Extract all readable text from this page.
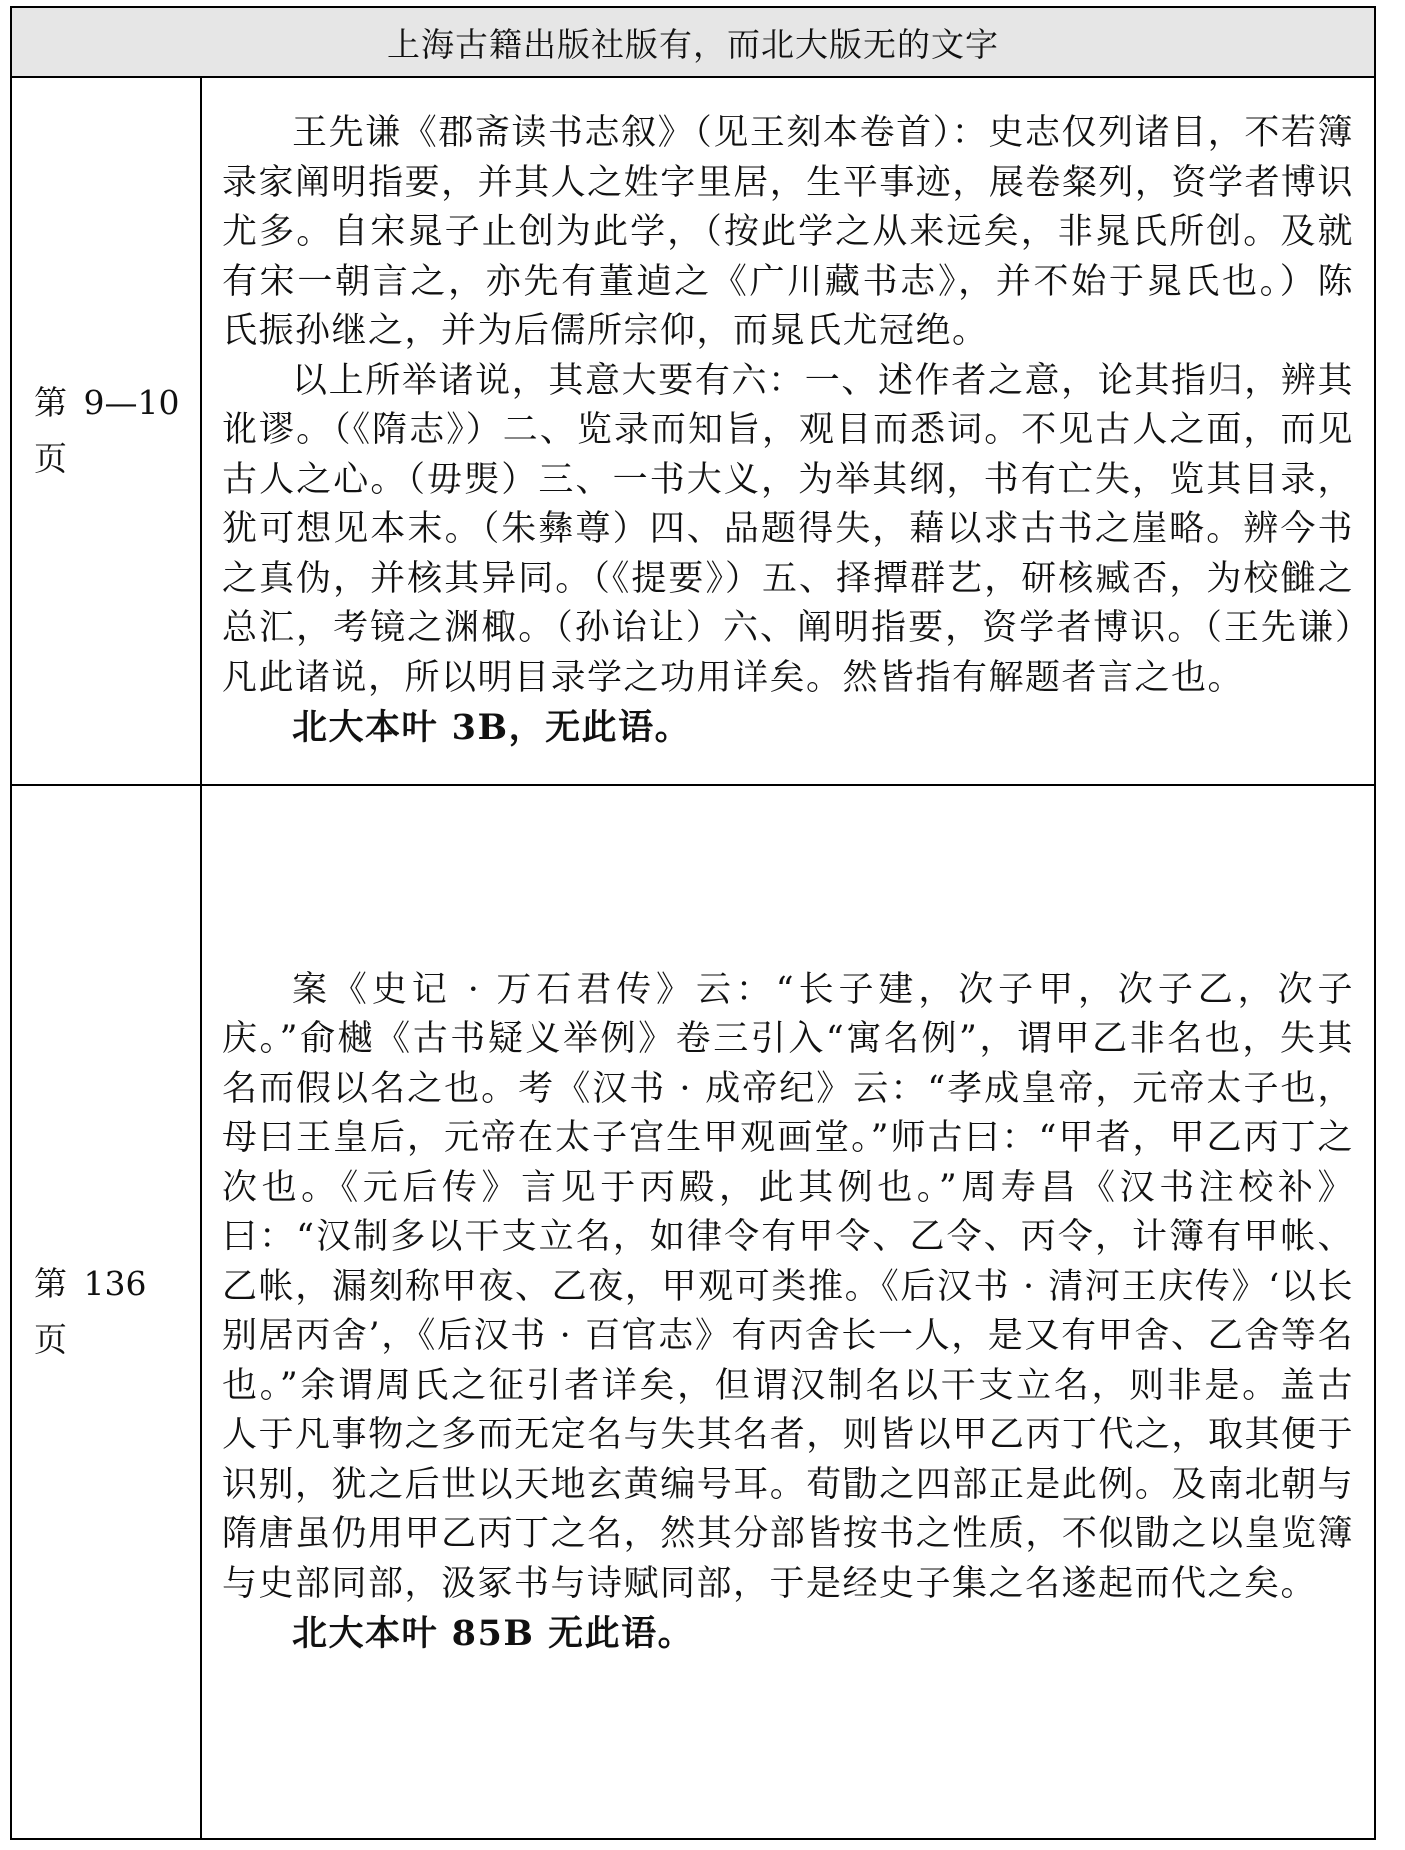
上海古籍出版社版有，而北大版无的文字	
第 9—10 页	王先谦《郡斋读书志叙》（见王刻本卷首）：史志仅列诸目，不若簿录家阐明指要，并其人之姓字里居，生平事迹，展卷粲列，资学者博识尤多。自宋晁子止创为此学，（按此学之从来远矣，非晁氏所创。及就有宋一朝言之，亦先有董逌之《广川藏书志》，并不始于晁氏也。）陈氏振孙继之，并为后儒所宗仰，而晁氏尤冠绝。

以上所举诸说，其意大要有六：一、述作者之意，论其指归，辨其讹谬。（《隋志》）二、览录而知旨，观目而悉词。不见古人之面，而见古人之心。（毋煚）三、一书大义，为举其纲，书有亡失，览其目录，犹可想见本末。（朱彝尊）四、品题得失，藉以求古书之崖略。辨今书之真伪，并核其异同。（《提要》）五、择撢群艺，研核臧否，为校雠之总汇，考镜之渊棷。（孙诒让）六、阐明指要，资学者博识。（王先谦）凡此诸说，所以明目录学之功用详矣。然皆指有解题者言之也。

北大本叶 3B，无此语。

第 136 页	案《史记 · 万石君传》云：“长子建，次子甲，次子乙，次子庆。”俞樾《古书疑义举例》卷三引入“寓名例”，谓甲乙非名也，失其名而假以名之也。考《汉书 · 成帝纪》云：“孝成皇帝，元帝太子也，母曰王皇后，元帝在太子宫生甲观画堂。”师古曰：“甲者，甲乙丙丁之次也。《元后传》言见于丙殿，此其例也。”周寿昌《汉书注校补》曰：“汉制多以干支立名，如律令有甲令、乙令、丙令，计簿有甲帐、乙帐，漏刻称甲夜、乙夜，甲观可类推。《后汉书 · 清河王庆传》‘以长别居丙舍’，《后汉书 · 百官志》有丙舍长一人，是又有甲舍、乙舍等名也。”余谓周氏之征引者详矣，但谓汉制名以干支立名，则非是。盖古人于凡事物之多而无定名与失其名者，则皆以甲乙丙丁代之，取其便于识别，犹之后世以天地玄黄编号耳。荀勖之四部正是此例。及南北朝与隋唐虽仍用甲乙丙丁之名，然其分部皆按书之性质，不似勖之以皇览簿与史部同部，汲冢书与诗赋同部，于是经史子集之名遂起而代之矣。

北大本叶 85B 无此语。
